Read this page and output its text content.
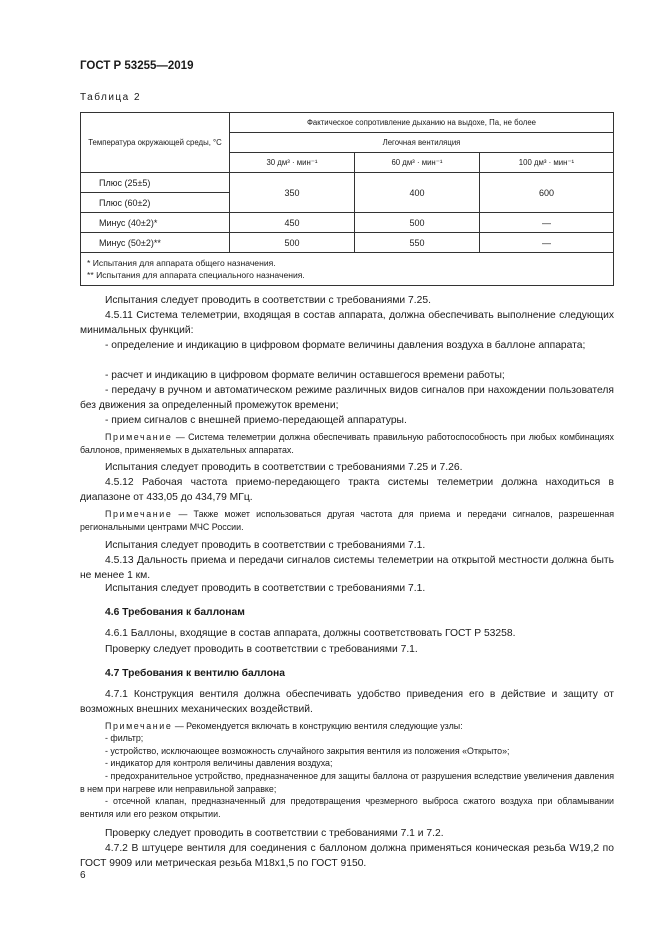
ГОСТ Р 53255—2019
Таблица 2
Температура окружающей среды, °С	Фактическое сопротивление дыханию на выдохе, Па, не более		
	Легочная вентиляция		
	30 дм³ · мин⁻¹	60 дм³ · мин⁻¹	100 дм³ · мин⁻¹
Плюс (25±5)	350	400	600
Плюс (60±2)			
Минус (40±2)*	450	500	—
Минус (50±2)**	500	550	—

* Испытания для аппарата общего назначения.
** Испытания для аппарата специального назначения.			
Испытания следует проводить в соответствии с требованиями 7.25.
4.5.11 Система телеметрии, входящая в состав аппарата, должна обеспечивать выполнение следующих минимальных функций:
- определение и индикацию в цифровом формате величины давления воздуха в баллоне аппарата;
- расчет и индикацию в цифровом формате величин оставшегося времени работы;
- передачу в ручном и автоматическом режиме различных видов сигналов при нахождении пользователя без движения за определенный промежуток времени;
- прием сигналов с внешней приемо-передающей аппаратуры.
Примечание — Система телеметрии должна обеспечивать правильную работоспособность при любых комбинациях баллонов, применяемых в дыхательных аппаратах.
Испытания следует проводить в соответствии с требованиями 7.25 и 7.26.
4.5.12 Рабочая частота приемо-передающего тракта системы телеметрии должна находиться в диапазоне от 433,05 до 434,79 МГц.
Примечание — Также может использоваться другая частота для приема и передачи сигналов, разрешенная региональными центрами МЧС России.
Испытания следует проводить в соответствии с требованиями 7.1.
4.5.13 Дальность приема и передачи сигналов системы телеметрии на открытой местности должна быть не менее 1 км.
Испытания следует проводить в соответствии с требованиями 7.1.
4.6 Требования к баллонам
4.6.1 Баллоны, входящие в состав аппарата, должны соответствовать ГОСТ Р 53258.
Проверку следует проводить в соответствии с требованиями 7.1.
4.7 Требования к вентилю баллона
4.7.1 Конструкция вентиля должна обеспечивать удобство приведения его в действие и защиту от возможных внешних механических воздействий.
Примечание — Рекомендуется включать в конструкцию вентиля следующие узлы:
- фильтр;
- устройство, исключающее возможность случайного закрытия вентиля из положения «Открыто»;
- индикатор для контроля величины давления воздуха;
- предохранительное устройство, предназначенное для защиты баллона от разрушения вследствие увеличения давления в нем при нагреве или неправильной заправке;
- отсечной клапан, предназначенный для предотвращения чрезмерного выброса сжатого воздуха при обламывании вентиля или его резком открытии.
Проверку следует проводить в соответствии с требованиями 7.1 и 7.2.
4.7.2 В штуцере вентиля для соединения с баллоном должна применяться коническая резьба W19,2 по ГОСТ 9909 или метрическая резьба М18х1,5 по ГОСТ 9150.
6
